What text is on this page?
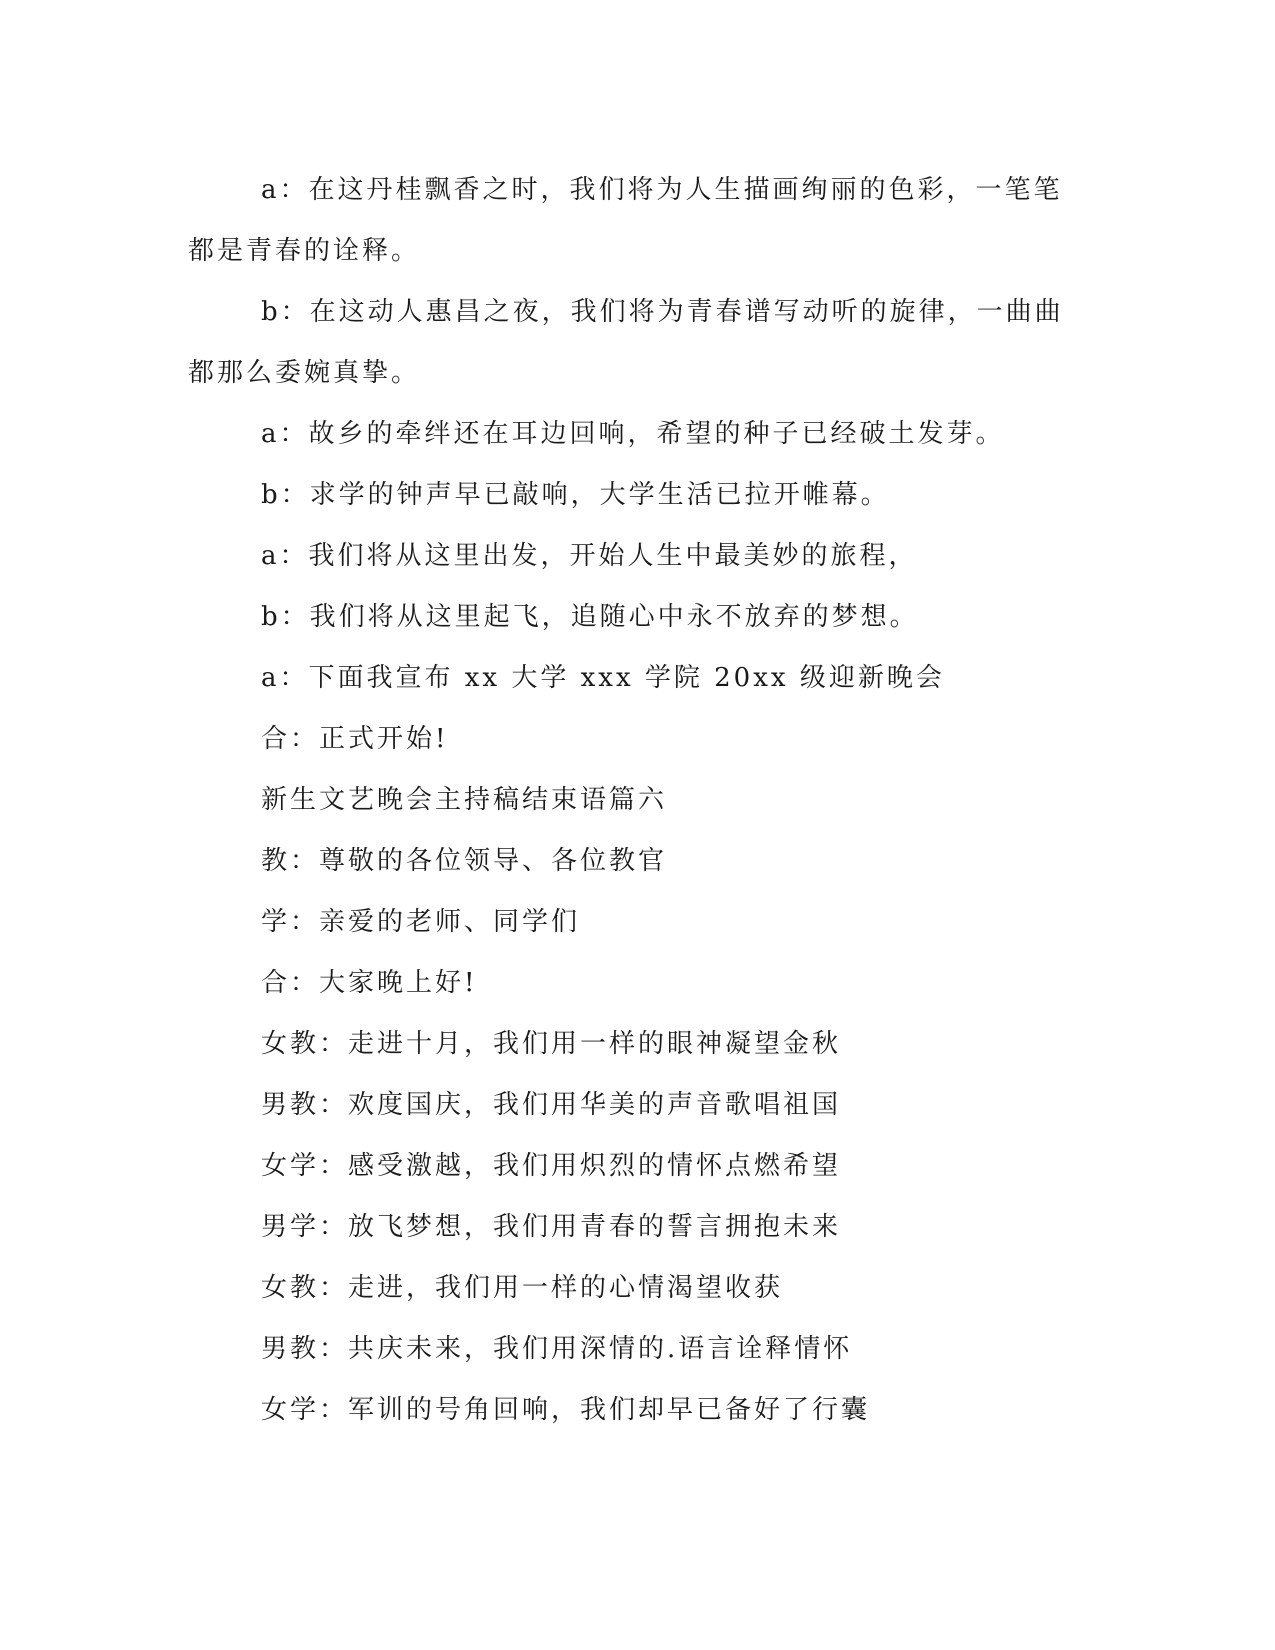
a：在这丹桂飘香之时，我们将为人生描画绚丽的色彩，一笔笔都是青春的诠释。

b：在这动人惠昌之夜，我们将为青春谱写动听的旋律，一曲曲都那么委婉真挚。

a：故乡的牵绊还在耳边回响，希望的种子已经破土发芽。

b：求学的钟声早已敲响，大学生活已拉开帷幕。

a：我们将从这里出发，开始人生中最美妙的旅程，

b：我们将从这里起飞，追随心中永不放弃的梦想。

a：下面我宣布 xx 大学 xxx 学院 20xx 级迎新晚会

合：正式开始!

新生文艺晚会主持稿结束语篇六

教：尊敬的各位领导、各位教官

学：亲爱的老师、同学们

合：大家晚上好!

女教：走进十月，我们用一样的眼神凝望金秋

男教：欢度国庆，我们用华美的声音歌唱祖国

女学：感受激越，我们用炽烈的情怀点燃希望

男学：放飞梦想，我们用青春的誓言拥抱未来

女教：走进，我们用一样的心情渴望收获

男教：共庆未来，我们用深情的.语言诠释情怀

女学：军训的号角回响，我们却早已备好了行囊
